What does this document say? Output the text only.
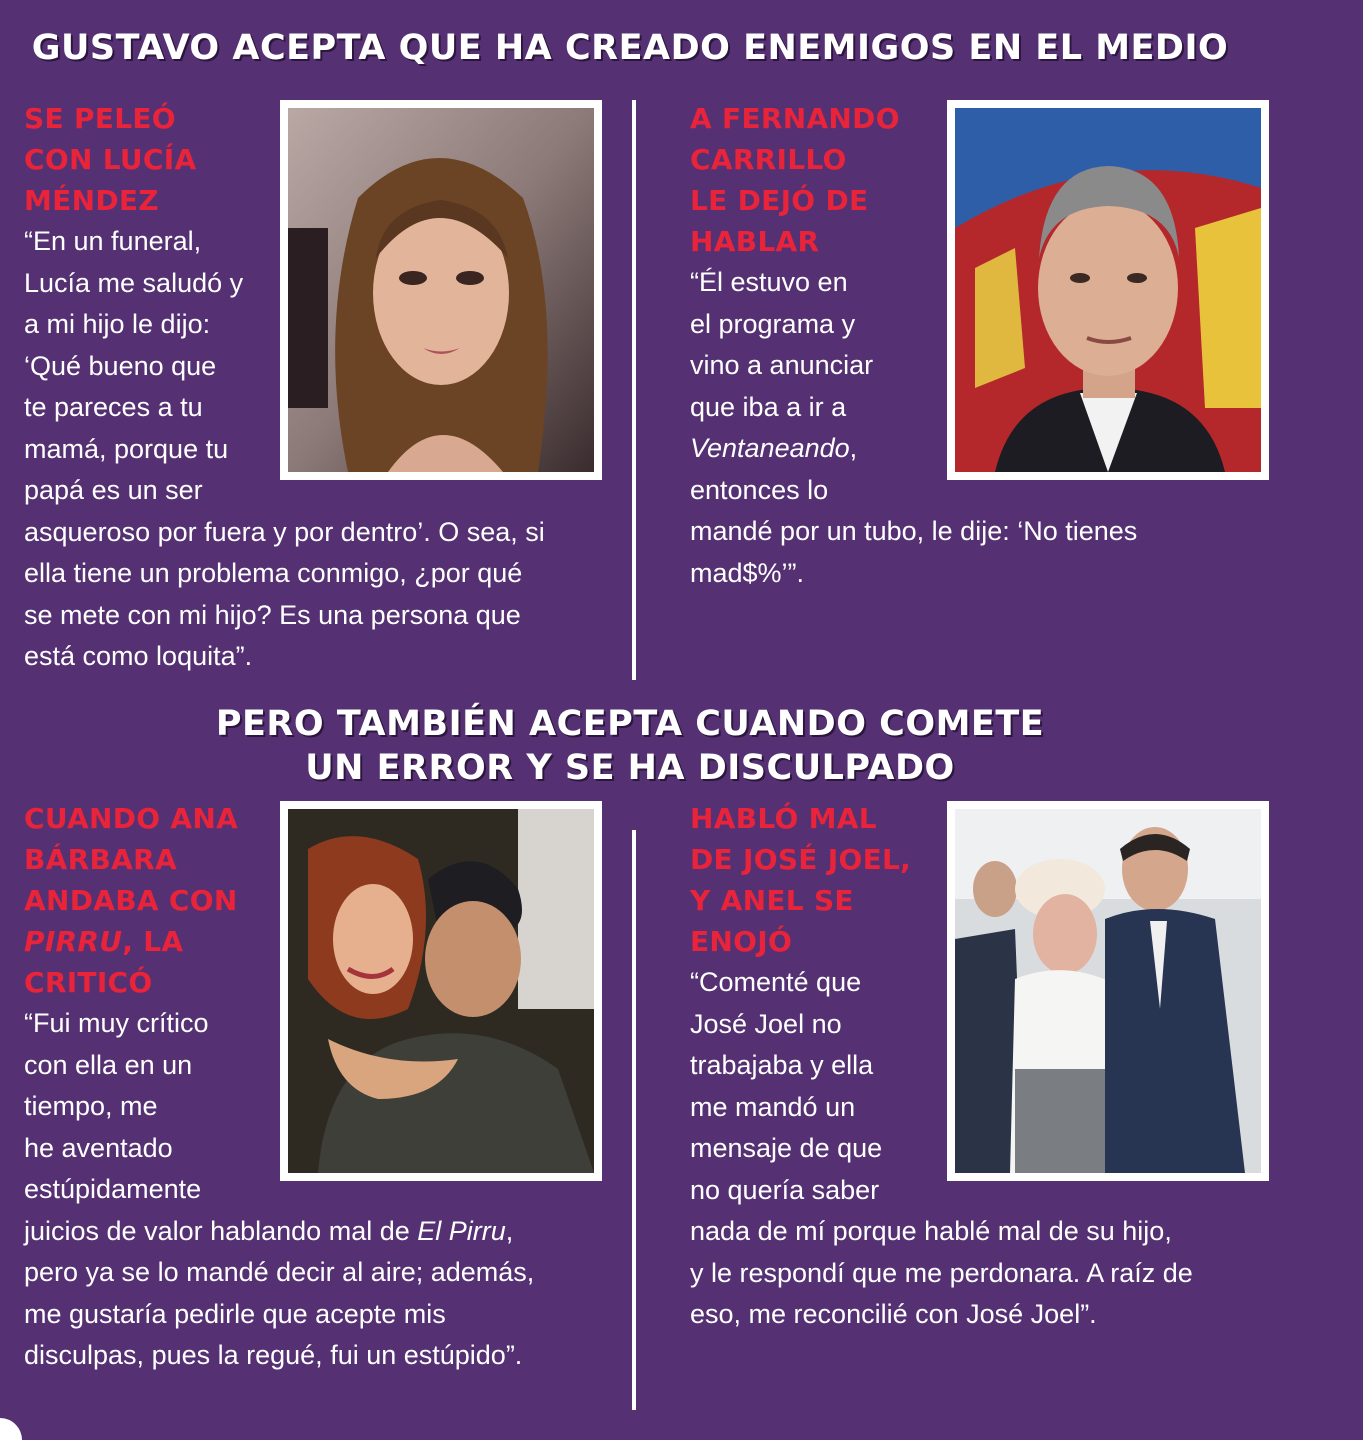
GUSTAVO ACEPTA QUE HA CREADO ENEMIGOS EN EL MEDIO
PERO TAMBIÉN ACEPTA CUANDO COMETE
UN ERROR Y SE HA DISCULPADO
SE PELEÓ
CON LUCÍA
MÉNDEZ
“En un funeral,
Lucía me saludó y
a mi hijo le dijo:
‘Qué bueno que
te pareces a tu
mamá, porque tu
papá es un ser
asqueroso por fuera y por dentro’. O sea, si
ella tiene un problema conmigo, ¿por qué
se mete con mi hijo? Es una persona que
está como loquita”.
A FERNANDO
CARRILLO
LE DEJÓ DE
HABLAR
“Él estuvo en
el programa y
vino a anunciar
que iba a ir a
Ventaneando,
entonces lo
mandé por un tubo, le dije: ‘No tienes
mad$%’”.
CUANDO ANA
BÁRBARA
ANDABA CON
PIRRU, LA
CRITICÓ
“Fui muy crítico
con ella en un
tiempo, me
he aventado
estúpidamente
juicios de valor hablando mal de El Pirru,
pero ya se lo mandé decir al aire; además,
me gustaría pedirle que acepte mis
disculpas, pues la regué, fui un estúpido”.
HABLÓ MAL
DE JOSÉ JOEL,
Y ANEL SE
ENOJÓ
“Comenté que
José Joel no
trabajaba y ella
me mandó un
mensaje de que
no quería saber
nada de mí porque hablé mal de su hijo,
y le respondí que me perdonara. A raíz de
eso, me reconcilié con José Joel”.
